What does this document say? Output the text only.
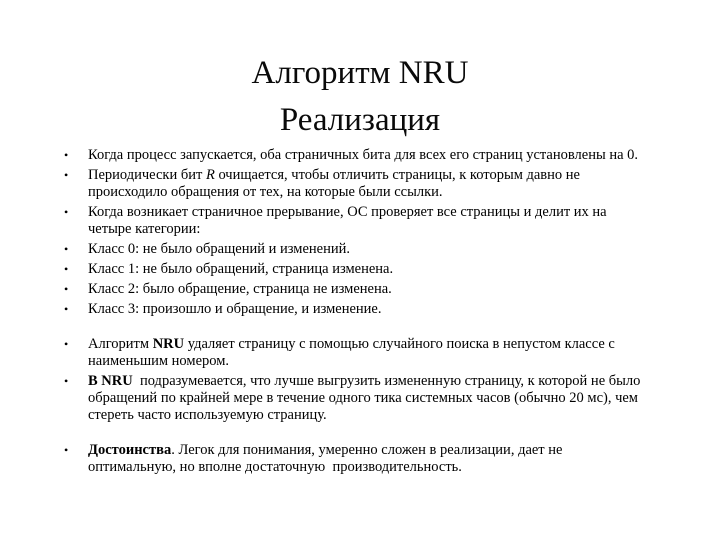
Алгоритм NRU
Реализация
•	Когда процесс запускается, оба страничных бита для всех его страниц установлены на 0.
•	Периодически бит R очищается, чтобы отличить страницы, к которым давно не происходило обращения от тех, на которые были ссылки.
•	Когда возникает страничное прерывание, ОС проверяет все страницы и делит их на четыре категории:
•	Класс 0: не было обращений и изменений.
•	Класс 1: не было обращений, страница изменена.
•	Класс 2: было обращение, страница не изменена.
•	Класс 3: произошло и обращение, и изменение.
•	Алгоритм NRU удаляет страницу с помощью случайного поиска в непустом классе с наименьшим номером.
•	В NRU  подразумевается, что лучше выгрузить измененную страницу, к которой не было обращений по крайней мере в течение одного тика системных часов (обычно 20 мс), чем стереть часто используемую страницу.
•	Достоинства. Легок для понимания, умеренно сложен в реализации, дает не оптимальную, но вполне достаточную  производительность.
